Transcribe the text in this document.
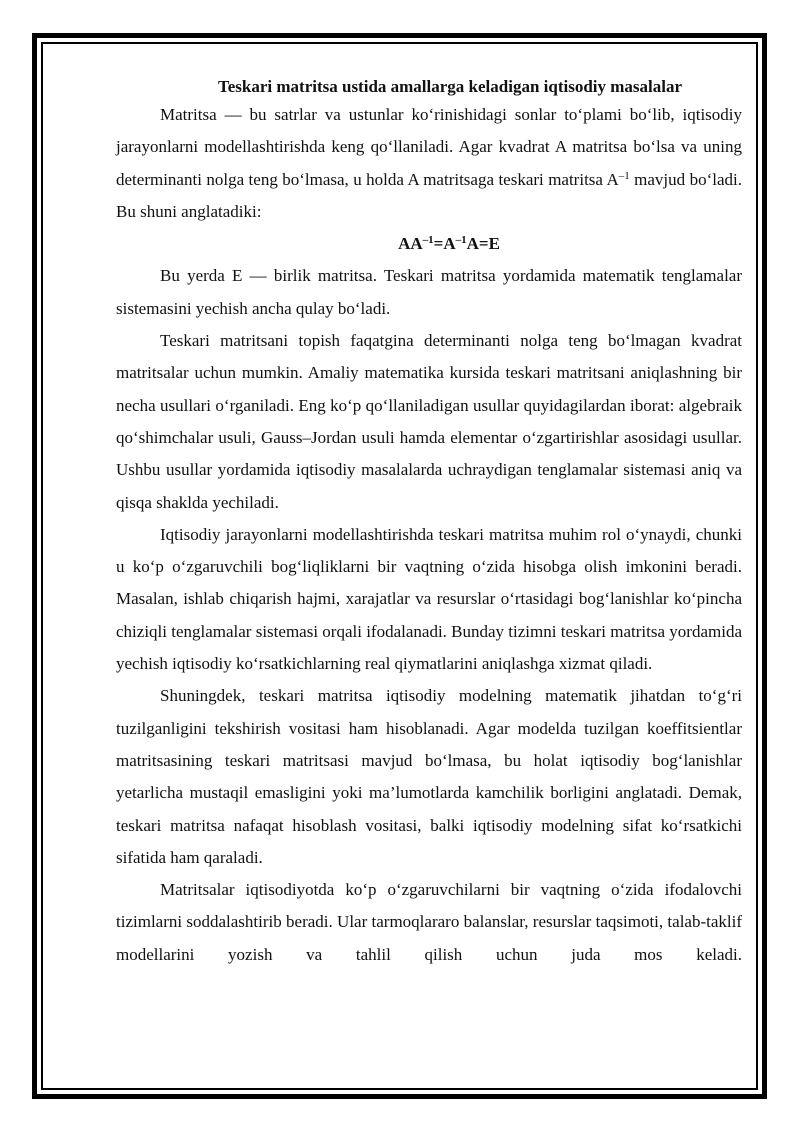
Teskari matritsa ustida amallarga keladigan iqtisodiy masalalar

Matritsa — bu satrlar va ustunlar ko‘rinishidagi sonlar to‘plami bo‘lib, iqtisodiy jarayonlarni modellashtirishda keng qo‘llaniladi. Agar kvadrat A matritsa bo‘lsa va uning determinanti nolga teng bo‘lmasa, u holda A matritsaga teskari matritsa $A^{-1}$ mavjud bo‘ladi. Bu shuni anglatadiki:

$AA^{-1}=A^{-1}A=E$

Bu yerda E — birlik matritsa. Teskari matritsa yordamida matematik tenglamalar sistemasini yechish ancha qulay bo‘ladi.

Teskari matritsani topish faqatgina determinanti nolga teng bo‘lmagan kvadrat matritsalar uchun mumkin. Amaliy matematika kursida teskari matritsani aniqlashning bir necha usullari o‘rganiladi. Eng ko‘p qo‘llaniladigan usullar quyidagilardan iborat: algebraik qo‘shimchalar usuli, Gauss–Jordan usuli hamda elementar o‘zgartirishlar asosidagi usullar. Ushbu usullar yordamida iqtisodiy masalalarda uchraydigan tenglamalar sistemasi aniq va qisqa shaklda yechiladi.

Iqtisodiy jarayonlarni modellashtirishda teskari matritsa muhim rol o‘ynaydi, chunki u ko‘p o‘zgaruvchili bog‘liqliklarni bir vaqtning o‘zida hisobga olish imkonini beradi. Masalan, ishlab chiqarish hajmi, xarajatlar va resurslar o‘rtasidagi bog‘lanishlar ko‘pincha chiziqli tenglamalar sistemasi orqali ifodalanadi. Bunday tizimni teskari matritsa yordamida yechish iqtisodiy ko‘rsatkichlarning real qiymatlarini aniqlashga xizmat qiladi.

Shuningdek, teskari matritsa iqtisodiy modelning matematik jihatdan to‘g‘ri tuzilganligini tekshirish vositasi ham hisoblanadi. Agar modelda tuzilgan koeffitsientlar matritsasining teskari matritsasi mavjud bo‘lmasa, bu holat iqtisodiy bog‘lanishlar yetarlicha mustaqil emasligini yoki ma’lumotlarda kamchilik borligini anglatadi. Demak, teskari matritsa nafaqat hisoblash vositasi, balki iqtisodiy modelning sifat ko‘rsatkichi sifatida ham qaraladi.

Matritsalar iqtisodiyotda ko‘p o‘zgaruvchilarni bir vaqtning o‘zida ifodalovchi tizimlarni soddalashtirib beradi. Ular tarmoqlararo balanslar, resurslar taqsimoti, talab-taklif modellarini yozish va tahlil qilish uchun juda mos keladi.
